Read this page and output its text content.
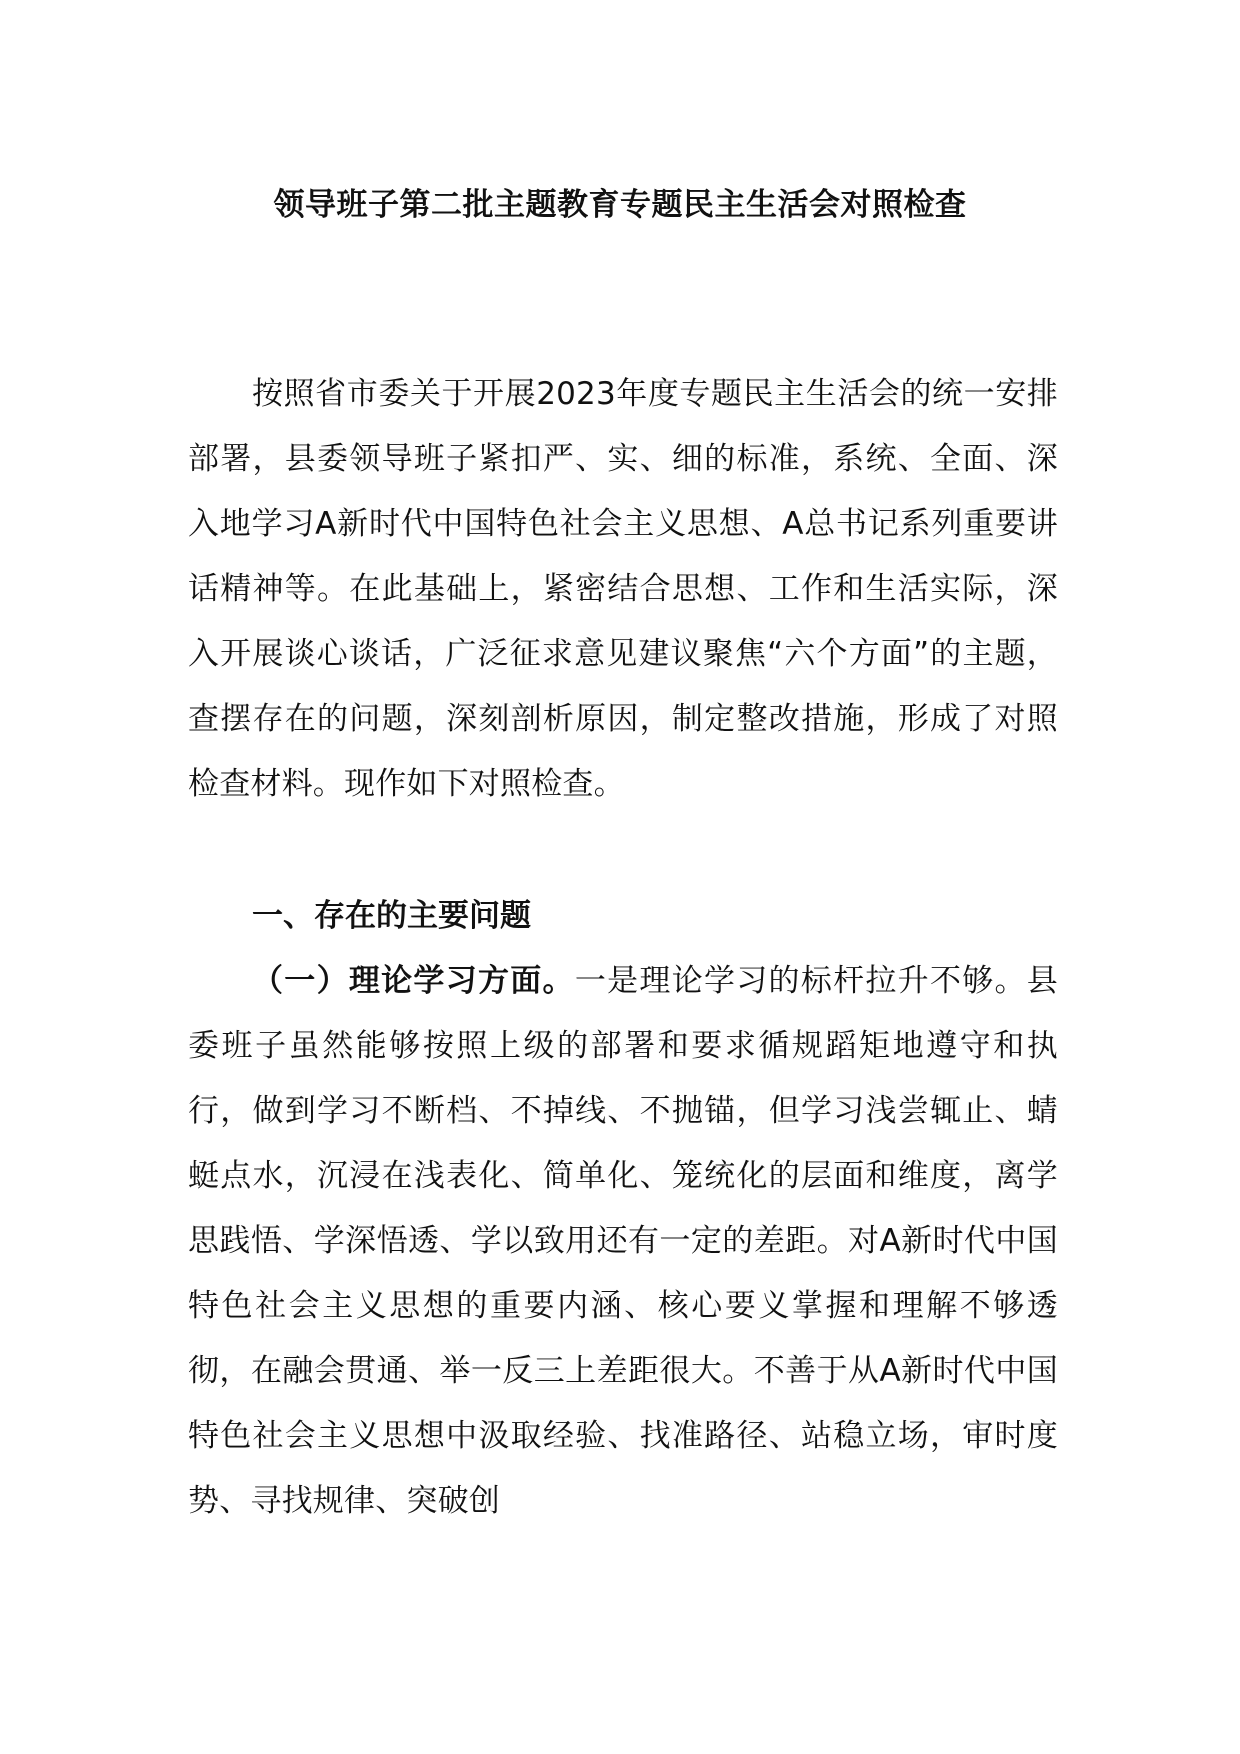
领导班子第二批主题教育专题民主生活会对照检查

按照省市委关于开展2023年度专题民主生活会的统一安排部署，县委领导班子紧扣严、实、细的标准，系统、全面、深入地学习A新时代中国特色社会主义思想、A总书记系列重要讲话精神等。在此基础上，紧密结合思想、工作和生活实际，深入开展谈心谈话，广泛征求意见建议聚焦“六个方面”的主题，查摆存在的问题，深刻剖析原因，制定整改措施，形成了对照检查材料。现作如下对照检查。

一、存在的主要问题

（一）理论学习方面。一是理论学习的标杆拉升不够。县委班子虽然能够按照上级的部署和要求循规蹈矩地遵守和执行，做到学习不断档、不掉线、不抛锚，但学习浅尝辄止、蜻蜓点水，沉浸在浅表化、简单化、笼统化的层面和维度，离学思践悟、学深悟透、学以致用还有一定的差距。对A新时代中国特色社会主义思想的重要内涵、核心要义掌握和理解不够透彻，在融会贯通、举一反三上差距很大。不善于从A新时代中国特色社会主义思想中汲取经验、找准路径、站稳立场，审时度势、寻找规律、突破创
